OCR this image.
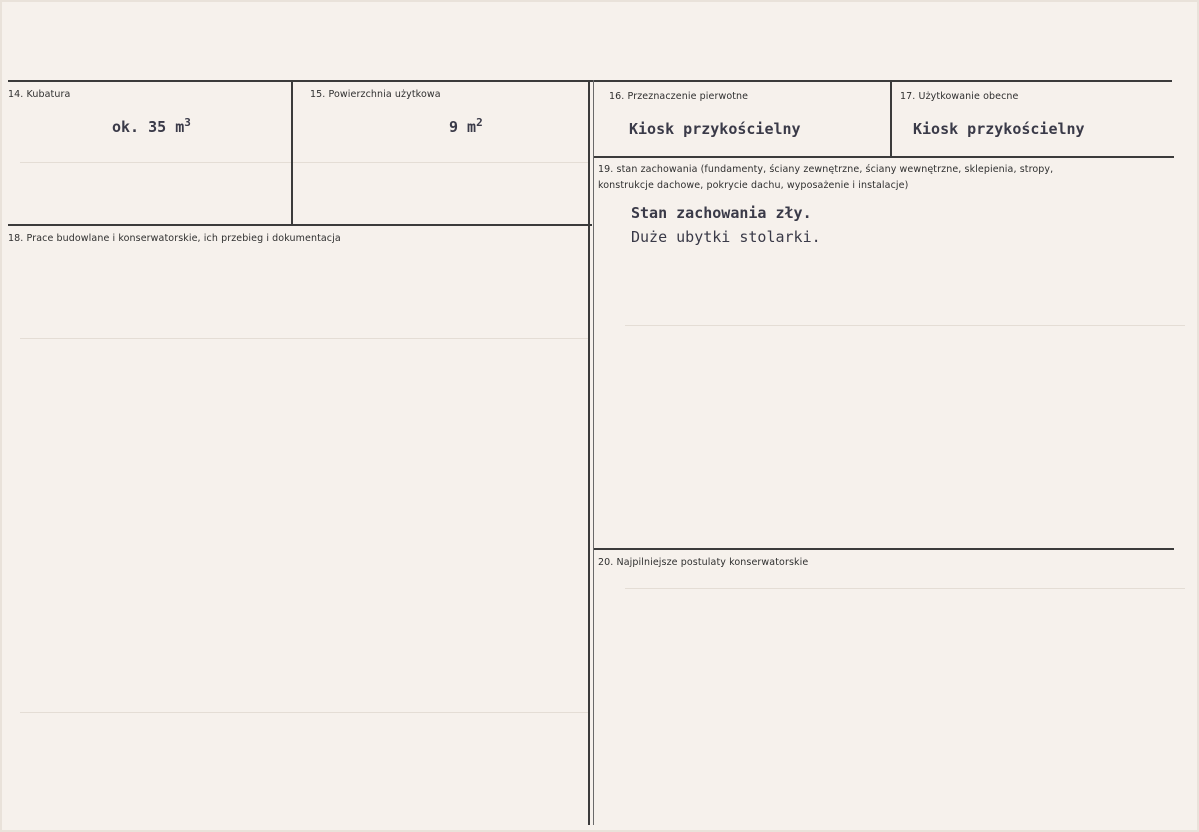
14. Kubatura
ok. 35 $m^3$
15. Powierzchnia użytkowa
9 $m^2$
16. Przeznaczenie pierwotne
Kiosk przykościelny
17. Użytkowanie obecne
Kiosk przykościelny
18. Prace budowlane i konserwatorskie, ich przebieg i dokumentacja
19. stan zachowania (fundamenty, ściany zewnętrzne, ściany wewnętrzne, sklepienia, stropy, konstrukcje dachowe, pokrycie dachu, wyposażenie i instalacje)
Stan zachowania zły.
Duże ubytki stolarki.
20. Najpilniejsze postulaty konserwatorskie
